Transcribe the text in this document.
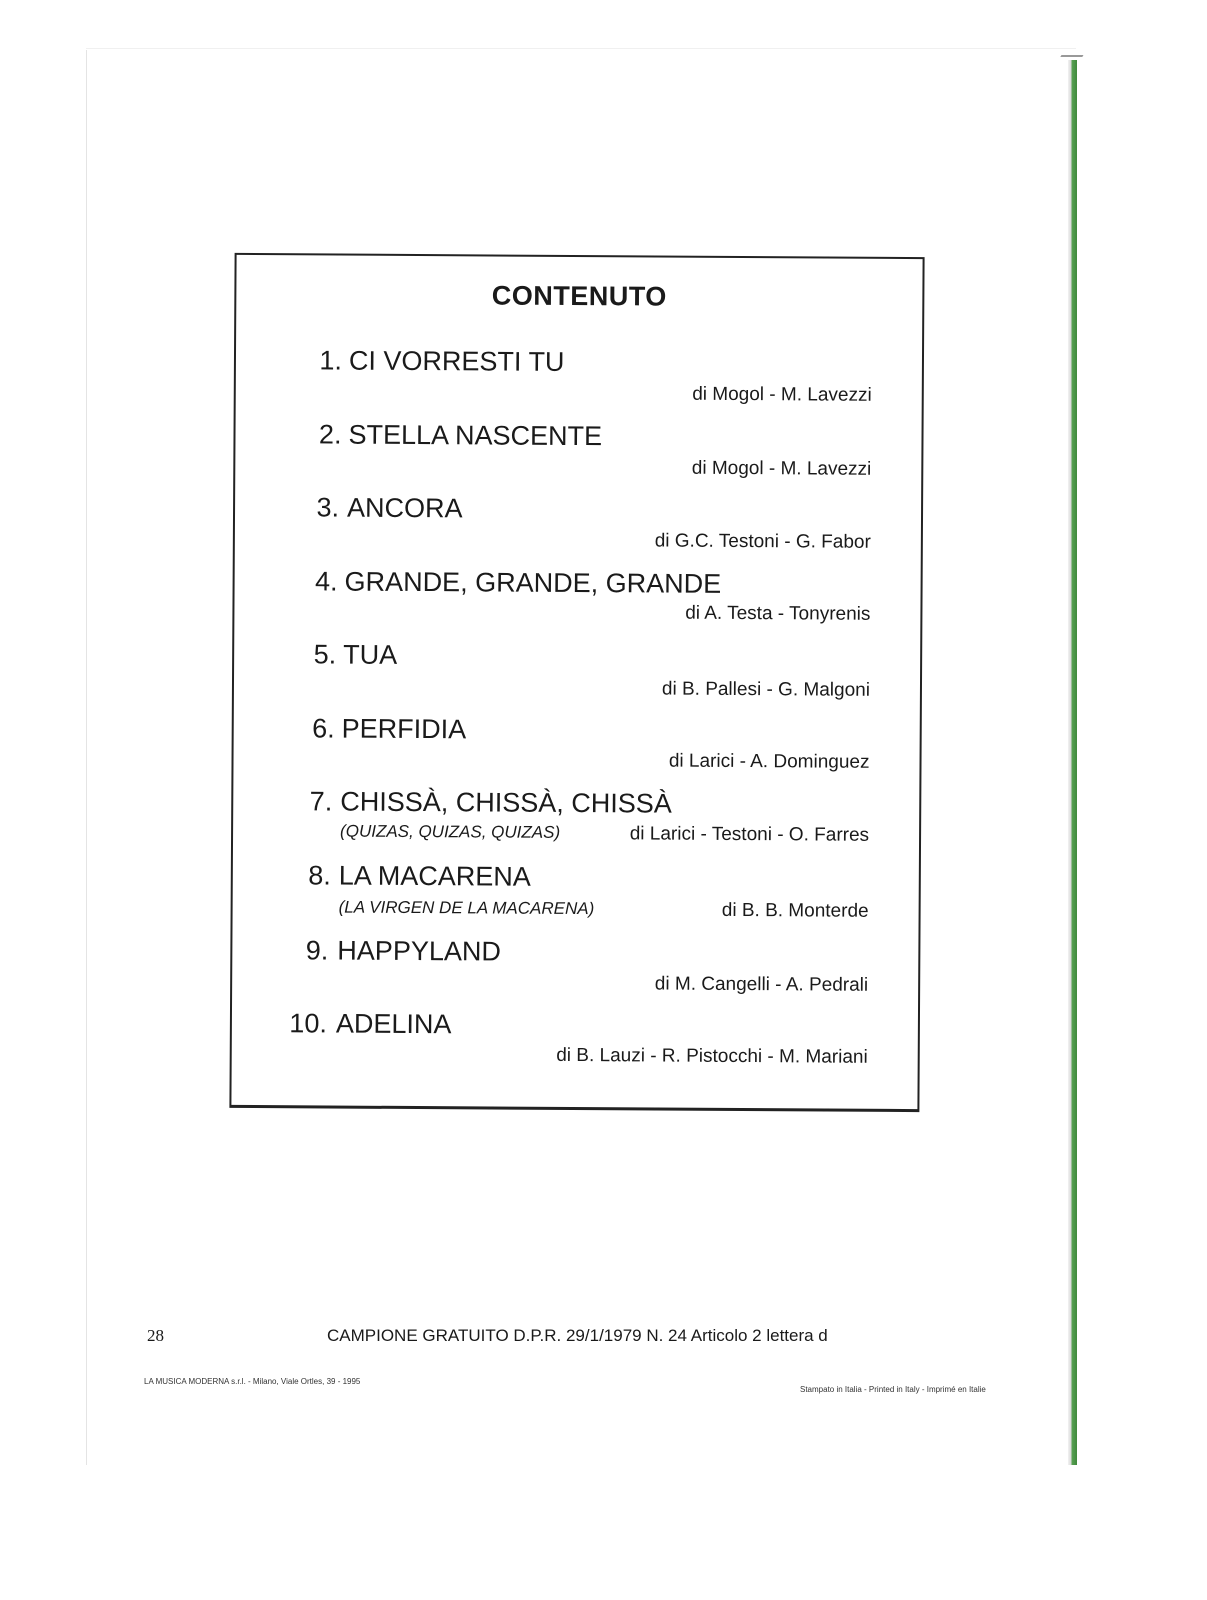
CONTENUTO
1. CI VORRESTI TU
di Mogol - M. Lavezzi
2. STELLA NASCENTE
di Mogol - M. Lavezzi
3. ANCORA
di G.C. Testoni - G. Fabor
4. GRANDE, GRANDE, GRANDE
di A. Testa - Tonyrenis
5. TUA
di B. Pallesi - G. Malgoni
6. PERFIDIA
di Larici - A. Dominguez
7. CHISSÀ, CHISSÀ, CHISSÀ
(QUIZAS, QUIZAS, QUIZAS)	di Larici - Testoni - O. Farres
8. LA MACARENA
(LA VIRGEN DE LA MACARENA)	di B. B. Monterde
9. HAPPYLAND
di M. Cangelli - A. Pedrali
10. ADELINA
di B. Lauzi - R. Pistocchi - M. Mariani
28	CAMPIONE GRATUITO D.P.R. 29/1/1979 N. 24 Articolo 2 lettera d
LA MUSICA MODERNA s.r.l. - Milano, Viale Ortles, 39 - 1995
Stampato in Italia - Printed in Italy - Imprimé en Italie
